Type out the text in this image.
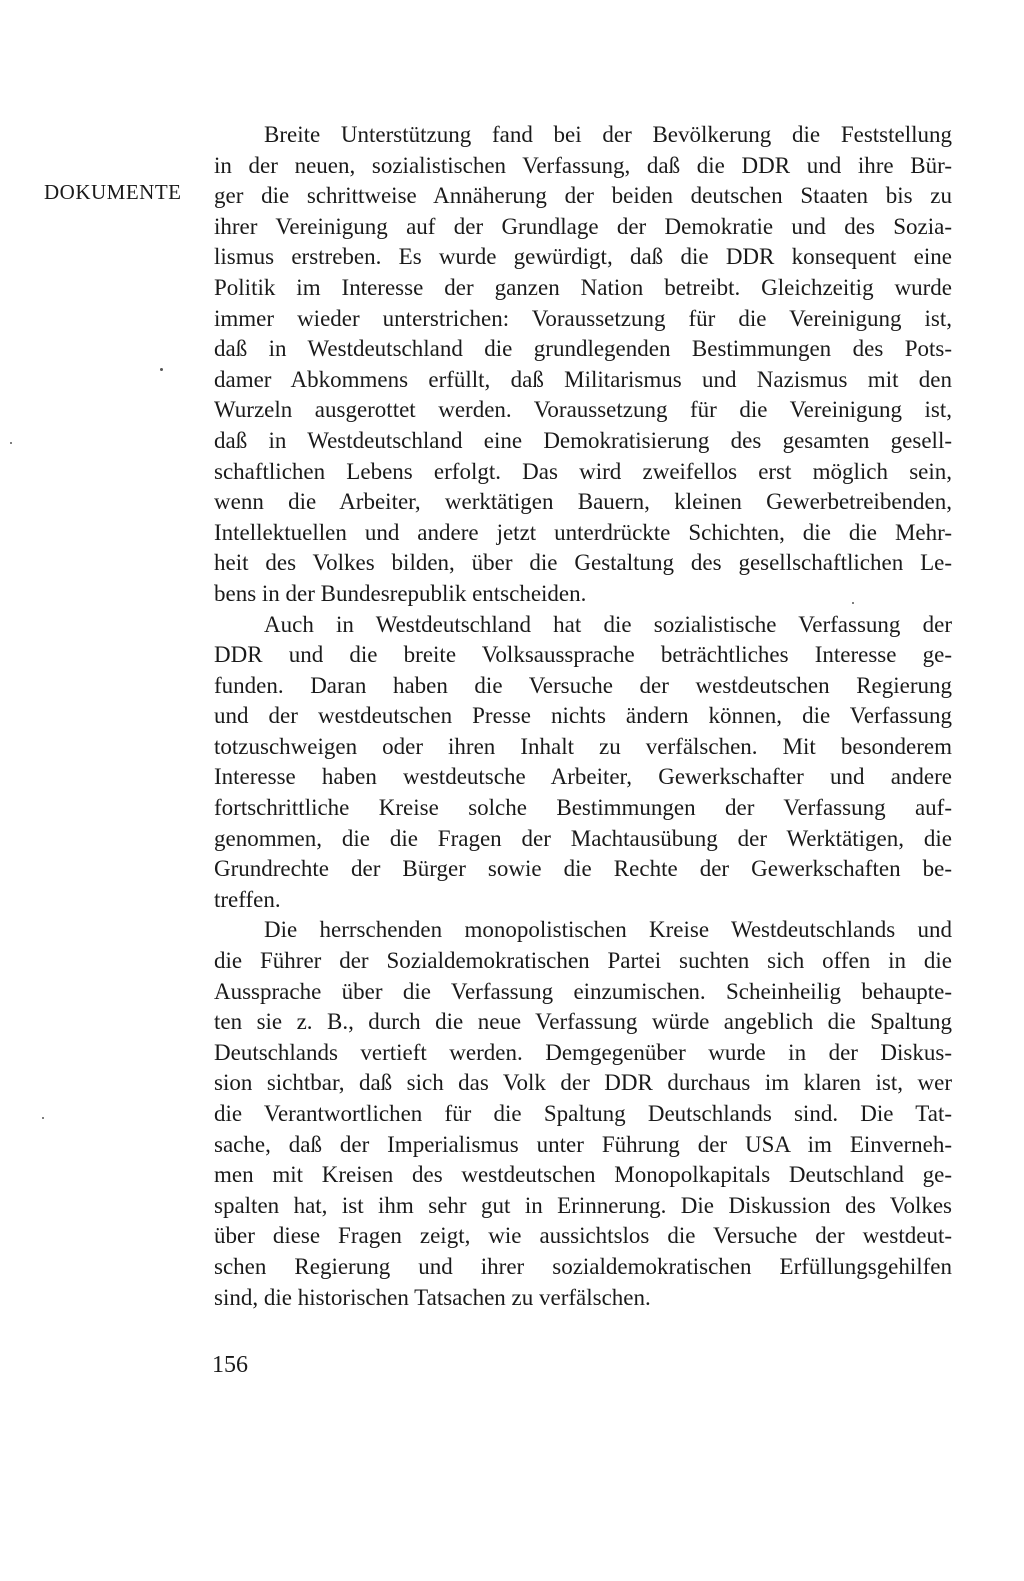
DOKUMENTE
Breite Unterstützung fand bei der Bevölkerung die Feststellung
in der neuen, sozialistischen Verfassung, daß die DDR und ihre Bür-
ger die schrittweise Annäherung der beiden deutschen Staaten bis zu
ihrer Vereinigung auf der Grundlage der Demokratie und des Sozia-
lismus erstreben. Es wurde gewürdigt, daß die DDR konsequent eine
Politik im Interesse der ganzen Nation betreibt. Gleichzeitig wurde
immer wieder unterstrichen: Voraussetzung für die Vereinigung ist,
daß in Westdeutschland die grundlegenden Bestimmungen des Pots-
damer Abkommens erfüllt, daß Militarismus und Nazismus mit den
Wurzeln ausgerottet werden. Voraussetzung für die Vereinigung ist,
daß in Westdeutschland eine Demokratisierung des gesamten gesell-
schaftlichen Lebens erfolgt. Das wird zweifellos erst möglich sein,
wenn die Arbeiter, werktätigen Bauern, kleinen Gewerbetreibenden,
Intellektuellen und andere jetzt unterdrückte Schichten, die die Mehr-
heit des Volkes bilden, über die Gestaltung des gesellschaftlichen Le-
bens in der Bundesrepublik entscheiden.
Auch in Westdeutschland hat die sozialistische Verfassung der
DDR und die breite Volksaussprache beträchtliches Interesse ge-
funden. Daran haben die Versuche der westdeutschen Regierung
und der westdeutschen Presse nichts ändern können, die Verfassung
totzuschweigen oder ihren Inhalt zu verfälschen. Mit besonderem
Interesse haben westdeutsche Arbeiter, Gewerkschafter und andere
fortschrittliche Kreise solche Bestimmungen der Verfassung auf-
genommen, die die Fragen der Machtausübung der Werktätigen, die
Grundrechte der Bürger sowie die Rechte der Gewerkschaften be-
treffen.
Die herrschenden monopolistischen Kreise Westdeutschlands und
die Führer der Sozialdemokratischen Partei suchten sich offen in die
Aussprache über die Verfassung einzumischen. Scheinheilig behaupte-
ten sie z. B., durch die neue Verfassung würde angeblich die Spaltung
Deutschlands vertieft werden. Demgegenüber wurde in der Diskus-
sion sichtbar, daß sich das Volk der DDR durchaus im klaren ist, wer
die Verantwortlichen für die Spaltung Deutschlands sind. Die Tat-
sache, daß der Imperialismus unter Führung der USA im Einverneh-
men mit Kreisen des westdeutschen Monopolkapitals Deutschland ge-
spalten hat, ist ihm sehr gut in Erinnerung. Die Diskussion des Volkes
über diese Fragen zeigt, wie aussichtslos die Versuche der westdeut-
schen Regierung und ihrer sozialdemokratischen Erfüllungsgehilfen
sind, die historischen Tatsachen zu verfälschen.
156
